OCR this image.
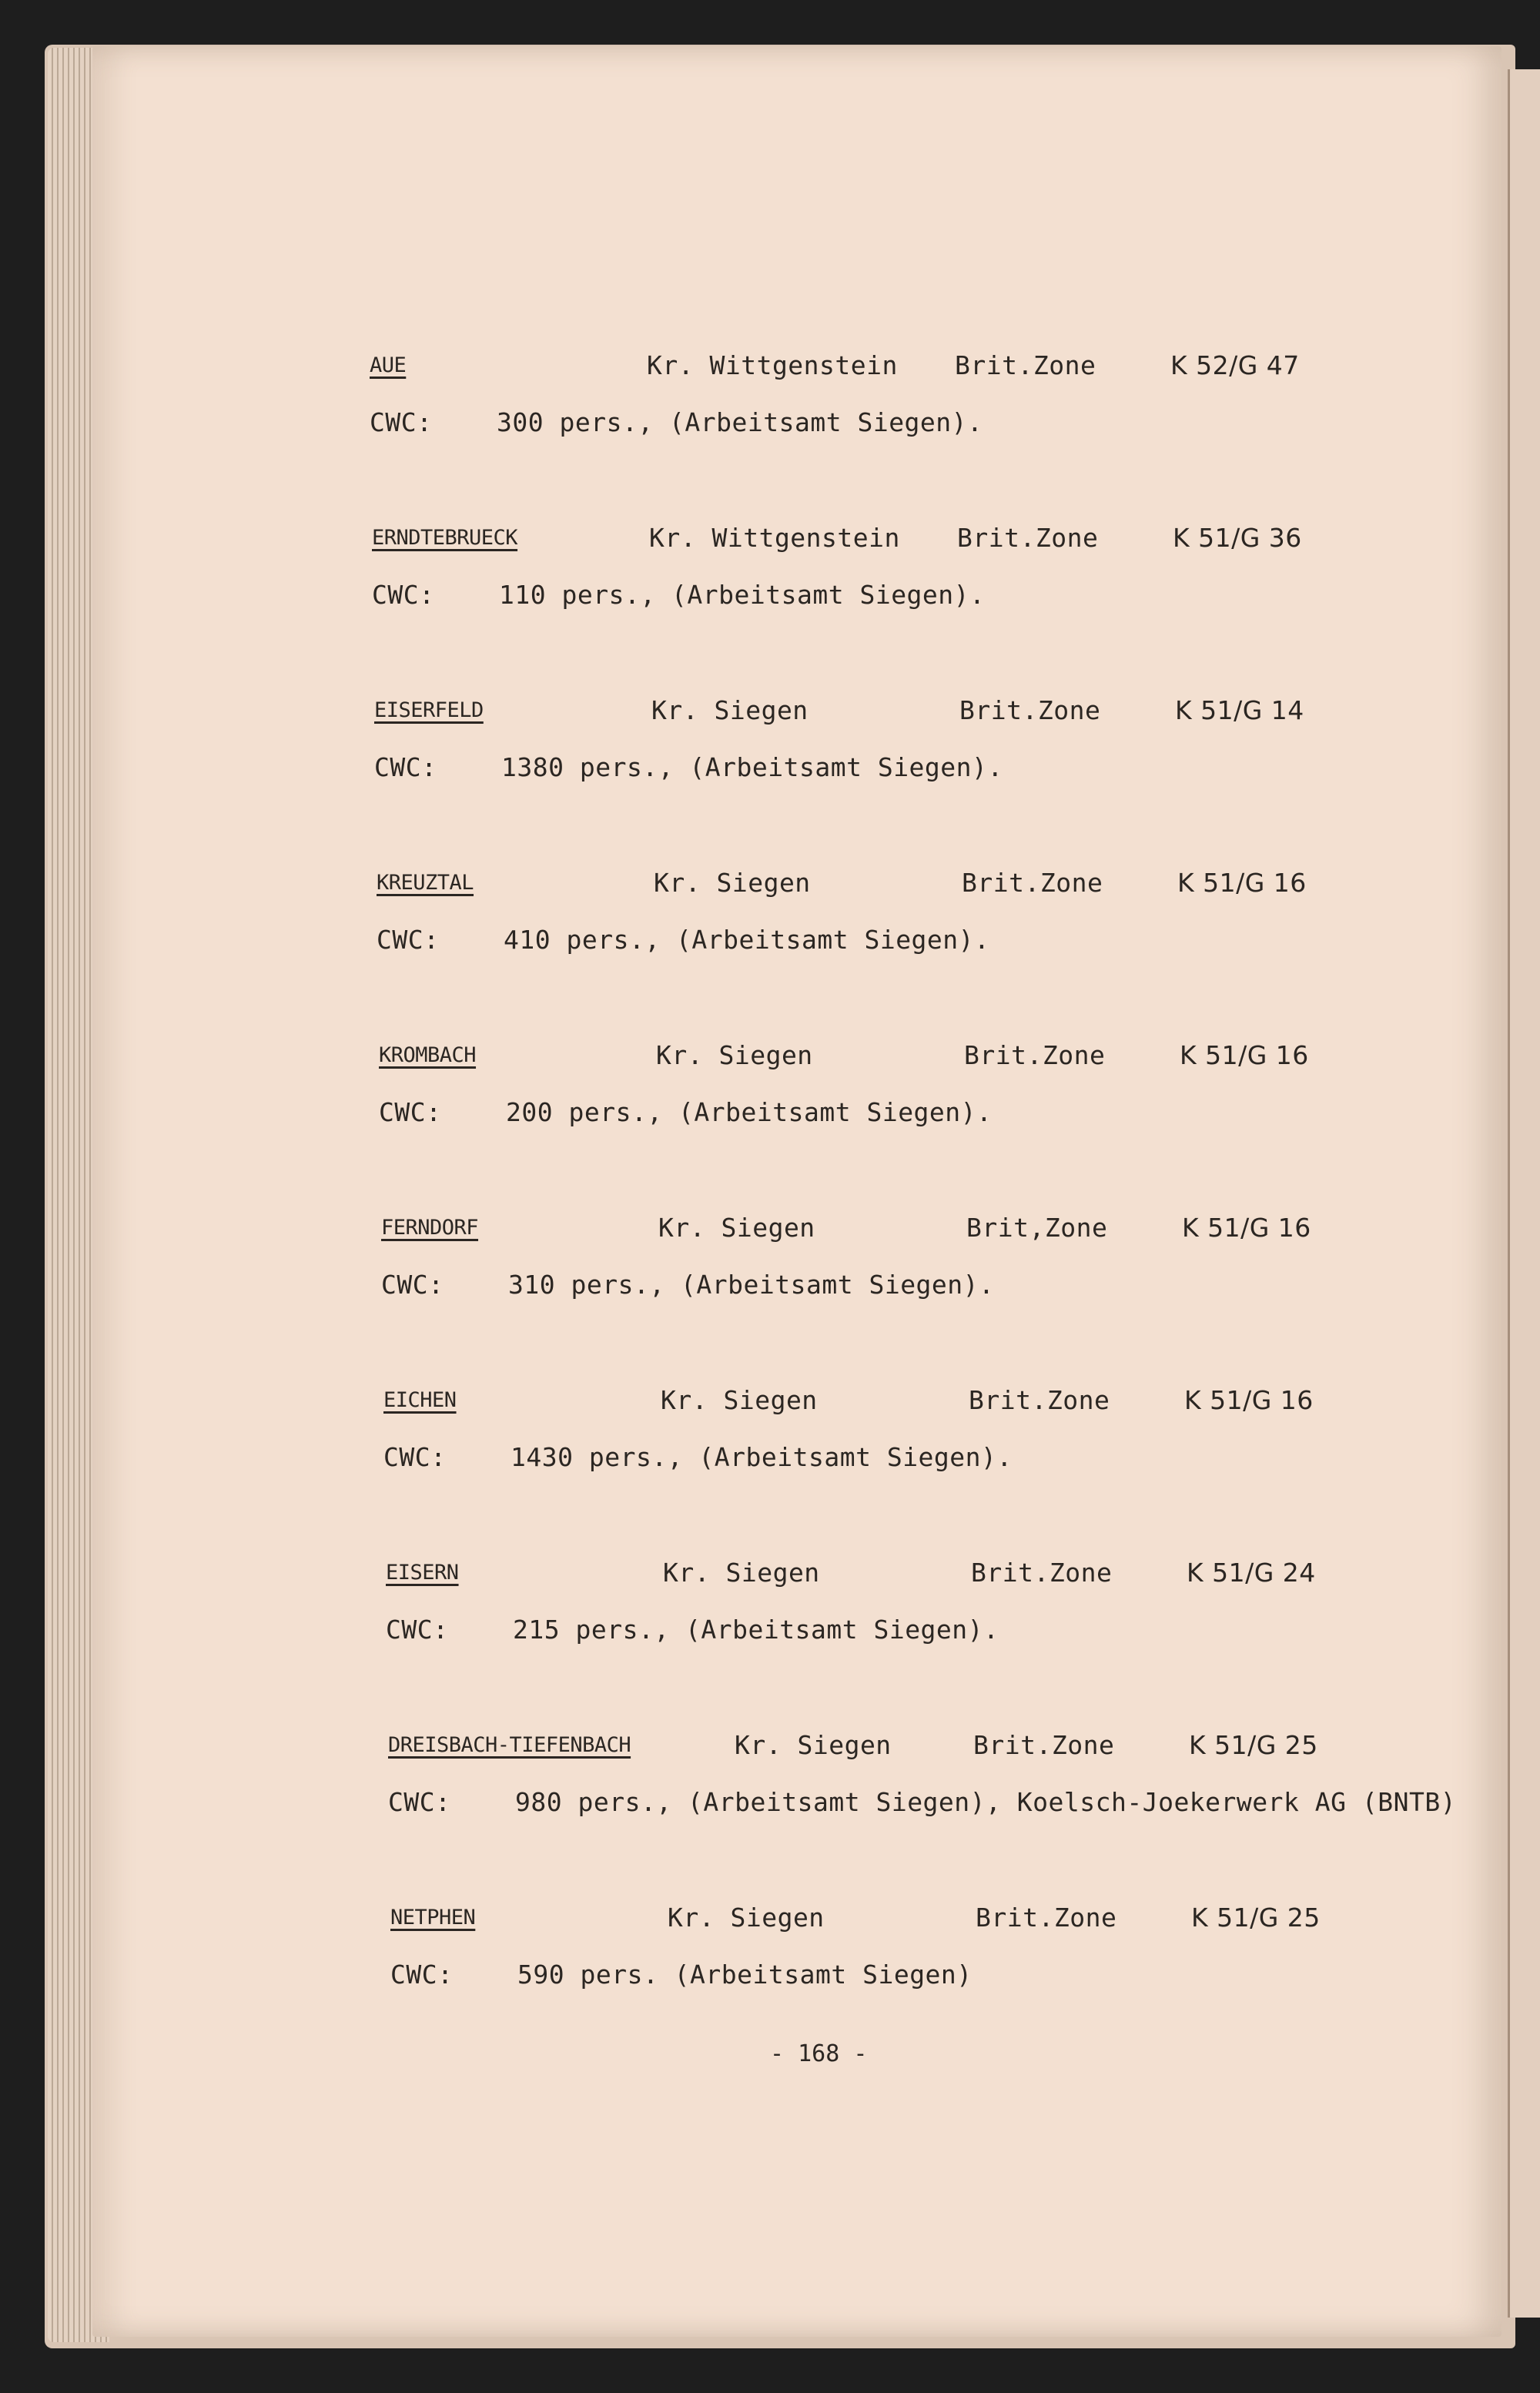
AUE	Kr. Wittgenstein Brit.Zone	K 52/G 47
CWC:	300 pers., (Arbeitsamt Siegen).
ERNDTEBRUECK	Kr. Wittgenstein Brit.Zone	K 51/G 36
CWC:	110 pers., (Arbeitsamt Siegen).
EISERFELD	Kr. Siegen	Brit.Zone	K 51/G 14
CWC:	1380 pers., (Arbeitsamt Siegen).
KREUZTAL	Kr. Siegen	Brit.Zone	K 51/G 16
CWC:	410 pers., (Arbeitsamt Siegen).
KROMBACH	Kr. Siegen	Brit.Zone	K 51/G 16
CWC:	200 pers., (Arbeitsamt Siegen).
FERNDORF	Kr. Siegen	Brit,Zone	K 51/G 16
CWC:	310 pers., (Arbeitsamt Siegen).
EICHEN	Kr. Siegen	Brit.Zone	K 51/G 16
CWC:	1430 pers., (Arbeitsamt Siegen).
EISERN	Kr. Siegen	Brit.Zone	K 51/G 24
CWC:	215 pers., (Arbeitsamt Siegen).
DREISBACH-TIEFENBACH	Kr. Siegen	Brit.Zone	K 51/G 25
CWC:	980 pers., (Arbeitsamt Siegen), Koelsch-Joekerwerk AG (BNTB)
NETPHEN	Kr. Siegen	Brit.Zone	K 51/G 25
CWC:	590 pers. (Arbeitsamt Siegen)
- 168 -
